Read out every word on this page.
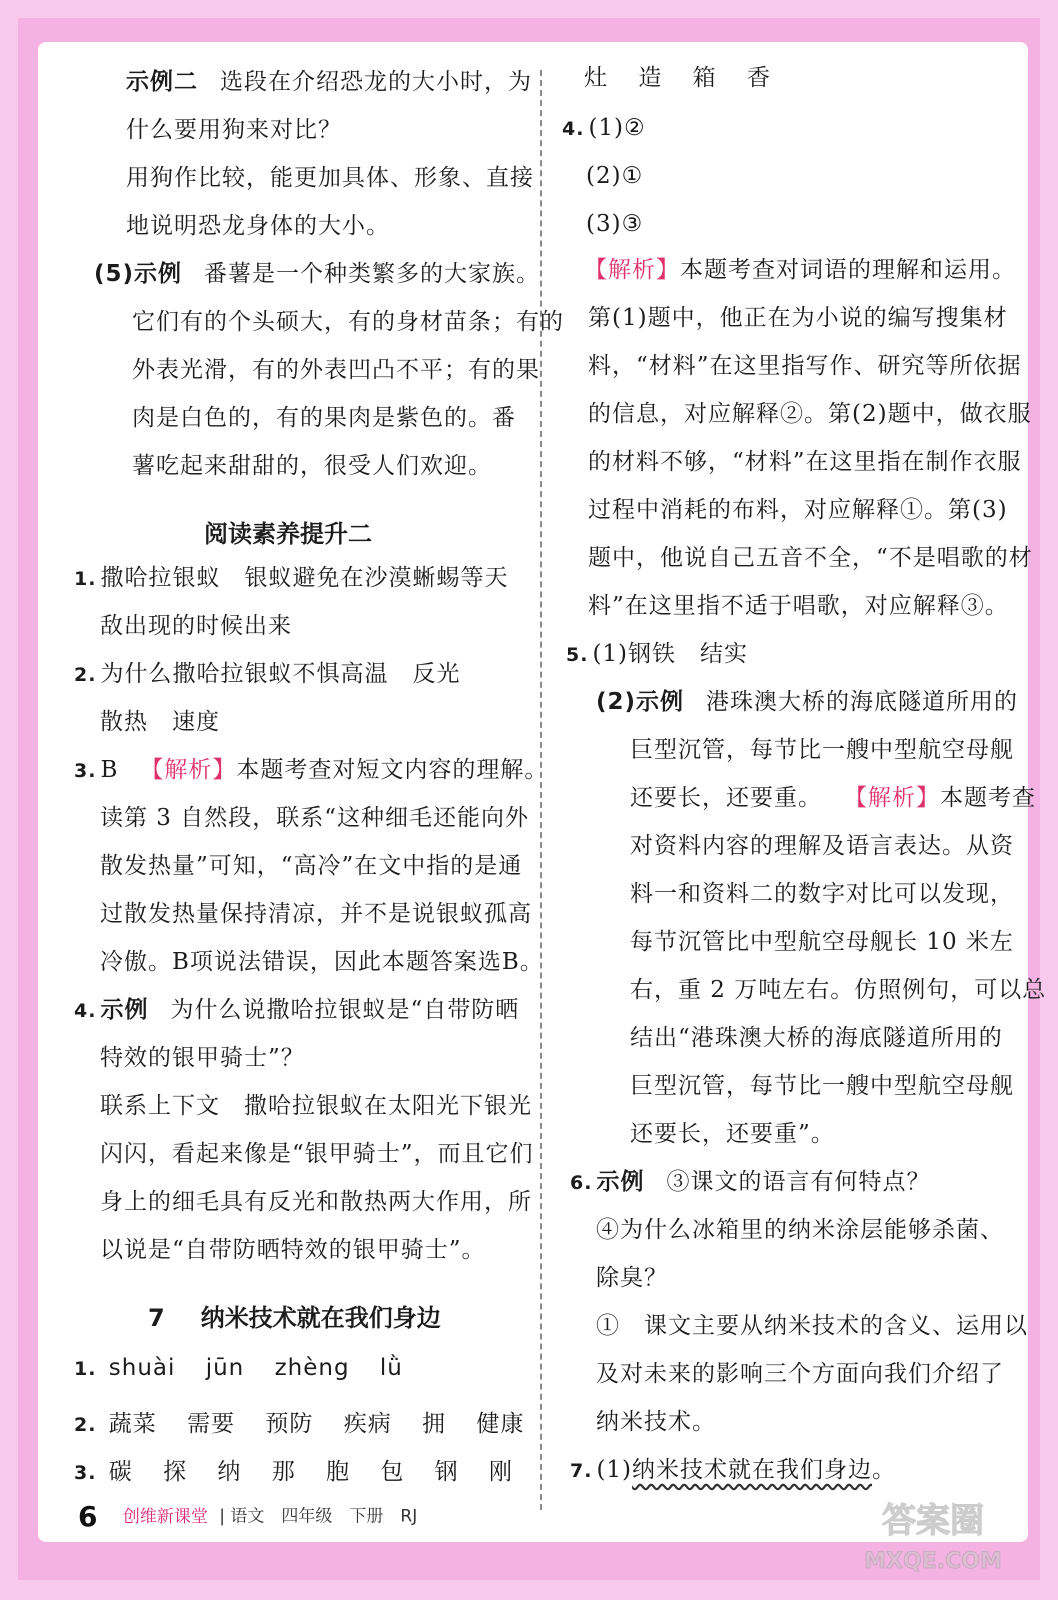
示例二 选段在介绍恐龙的大小时，为
什么要用狗来对比？
用狗作比较，能更加具体、形象、直接
地说明恐龙身体的大小。
(5)示例 番薯是一个种类繁多的大家族。
它们有的个头硕大，有的身材苗条；有的
外表光滑，有的外表凹凸不平；有的果
肉是白色的，有的果肉是紫色的。番
薯吃起来甜甜的，很受人们欢迎。
阅读素养提升二
1. 撒哈拉银蚁　银蚁避免在沙漠蜥蜴等天
敌出现的时候出来
2. 为什么撒哈拉银蚁不惧高温　反光
散热　速度
3. B 【解析】本题考查对短文内容的理解。
读第 3 自然段，联系“这种细毛还能向外
散发热量”可知，“高冷”在文中指的是通
过散发热量保持清凉，并不是说银蚁孤高
冷傲。B项说法错误，因此本题答案选B。
4. 示例 为什么说撒哈拉银蚁是“自带防晒
特效的银甲骑士”？
联系上下文　撒哈拉银蚁在太阳光下银光
闪闪，看起来像是“银甲骑士”，而且它们
身上的细毛具有反光和散热两大作用，所
以说是“自带防晒特效的银甲骑士”。
7 纳米技术就在我们身边
1. shuài jūn zhèng lǜ
2. 蔬菜 需要 预防 疾病 拥 健康
3. 碳 探 纳 那 胞 包 钢 刚
灶 造 箱 香
4. (1)②
(2)①
(3)③
【解析】本题考查对词语的理解和运用。
第(1)题中，他正在为小说的编写搜集材
料，“材料”在这里指写作、研究等所依据
的信息，对应解释②。第(2)题中，做衣服
的材料不够，“材料”在这里指在制作衣服
过程中消耗的布料，对应解释①。第(3)
题中，他说自己五音不全，“不是唱歌的材
料”在这里指不适于唱歌，对应解释③。
5. (1)钢铁　结实
(2)示例 港珠澳大桥的海底隧道所用的
巨型沉管，每节比一艘中型航空母舰
还要长，还要重。 【解析】本题考查
对资料内容的理解及语言表达。从资
料一和资料二的数字对比可以发现，
每节沉管比中型航空母舰长 10 米左
右，重 2 万吨左右。仿照例句，可以总
结出“港珠澳大桥的海底隧道所用的
巨型沉管，每节比一艘中型航空母舰
还要长，还要重”。
6. 示例 ③课文的语言有何特点？
④为什么冰箱里的纳米涂层能够杀菌、
除臭？
①　课文主要从纳米技术的含义、运用以
及对未来的影响三个方面向我们介绍了
纳米技术。
7. (1)纳米技术就在我们身边。
6 创维新课堂 | 语文　四年级　下册　RJ	答案圈
MXQE.COM
